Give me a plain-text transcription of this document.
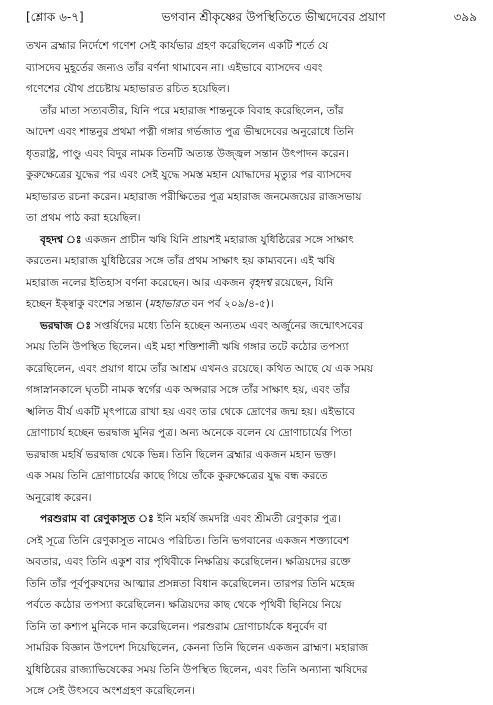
[শ্লোক ৬-৭]	ভগবান শ্রীকৃষ্ণের উপস্থিতিতে ভীষ্মদেবের প্রয়াণ	৩৯৯
তখন ব্রহ্মার নির্দেশে গণেশ সেই কার্যভার গ্রহণ করেছিলেন একটি শর্তে যে
ব্যাসদেব মুহূর্তের জন্যও তাঁর বর্ণনা থামাবেন না। এইভাবে ব্যাসদেব এবং
গণেশের যৌথ প্রচেষ্টায় মহাভারত রচিত হয়েছিল।
তাঁর মাতা সত্যবতীর, যিনি পরে মহারাজ শান্তনুকে বিবাহ করেছিলেন, তাঁর
আদেশ এবং শান্তনুর প্রথমা পত্নী গঙ্গার গর্ভজাত পুত্র ভীষ্মদেবের অনুরোধে তিনি
ধৃতরাষ্ট্র, পাণ্ডু এবং বিদুর নামক তিনটি অত্যন্ত উজ্জ্বল সন্তান উৎপাদন করেন।
কুরুক্ষেত্রের যুদ্ধের পর এবং সেই যুদ্ধে সমস্ত মহান যোদ্ধাদের মৃত্যুর পর ব্যাসদেব
মহাভারত রচনা করেন। মহারাজ পরীক্ষিতের পুত্র মহারাজ জনমেজয়ের রাজসভায়
তা প্রথম পাঠ করা হয়েছিল।
বৃহদশ্ব ঃ একজন প্রাচীন ঋষি যিনি প্রায়শই মহারাজ যুধিষ্ঠিরের সঙ্গে সাক্ষাৎ
করতেন। মহারাজ যুধিষ্ঠিরের সঙ্গে তাঁর প্রথম সাক্ষাৎ হয় কাম্যবনে। এই ঋষি
মহারাজ নলের ইতিহাস বর্ণনা করেছেন। আর একজন বৃহদশ্ব রয়েছেন, যিনি
হচ্ছেন ইক্ষ্বাকু বংশের সন্তান (মহাভারত বন পর্ব ২০৯/৪-৫)।
ভরদ্বাজ ঃ সপ্তর্ষিদের মধ্যে তিনি হচ্ছেন অন্যতম এবং অর্জুনের জন্মোৎসবের
সময় তিনি উপস্থিত ছিলেন। এই মহা শক্তিশালী ঋষি গঙ্গার তটে কঠোর তপস্যা
করেছিলেন, এবং প্রয়াগ ধামে তাঁর আশ্রম এখনও রয়েছে। কথিত আছে যে এক সময়
গঙ্গাস্নানকালে ঘৃতচী নামক স্বর্গের এক অপ্সরার সঙ্গে তাঁর সাক্ষাৎ হয়, এবং তাঁর
স্খলিত বীর্য একটি মৃৎপাত্রে রাখা হয় এবং তার থেকে দ্রোণের জন্ম হয়। এইভাবে
দ্রোণাচার্য হচ্ছেন ভরদ্বাজ মুনির পুত্র। অন্য অনেকে বলেন যে দ্রোণাচার্যের পিতা
ভরদ্বাজ মহর্ষি ভরদ্বাজ থেকে ভিন্ন। তিনি ছিলেন ব্রহ্মার একজন মহান ভক্ত।
এক সময় তিনি দ্রোণাচার্যের কাছে গিয়ে তাঁকে কুরুক্ষেত্রের যুদ্ধ বন্ধ করতে
অনুরোধ করেন।
পরশুরাম বা রেণুকাসুত ঃ ইনি মহর্ষি জমদগ্নি এবং শ্রীমতী রেণুকার পুত্র।
সেই সূত্রে তিনি রেণুকাসুত নামেও পরিচিত। তিনি ভগবানের একজন শক্ত্যাবেশ
অবতার, এবং তিনি একুশ বার পৃথিবীকে নিক্ষত্রিয় করেছিলেন। ক্ষত্রিয়দের রক্তে
তিনি তাঁর পূর্বপুরুষদের আত্মার প্রসন্নতা বিধান করেছিলেন। তারপর তিনি মহেন্দ্র
পর্বতে কঠোর তপস্যা করেছিলেন। ক্ষত্রিয়দের কাছ থেকে পৃথিবী ছিনিয়ে নিয়ে
তিনি তা কশ্যপ মুনিকে দান করেছিলেন। পরশুরাম দ্রোণাচার্যকে ধনুর্বেদ বা
সামরিক বিজ্ঞান উপদেশ দিয়েছিলেন, কেননা তিনি ছিলেন একজন ব্রাহ্মণ। মহারাজ
যুধিষ্ঠিরের রাজ্যাভিষেকের সময় তিনি উপস্থিত ছিলেন, এবং তিনি অন্যান্য ঋষিদের
সঙ্গে সেই উৎসবে অংশগ্রহণ করেছিলেন।
